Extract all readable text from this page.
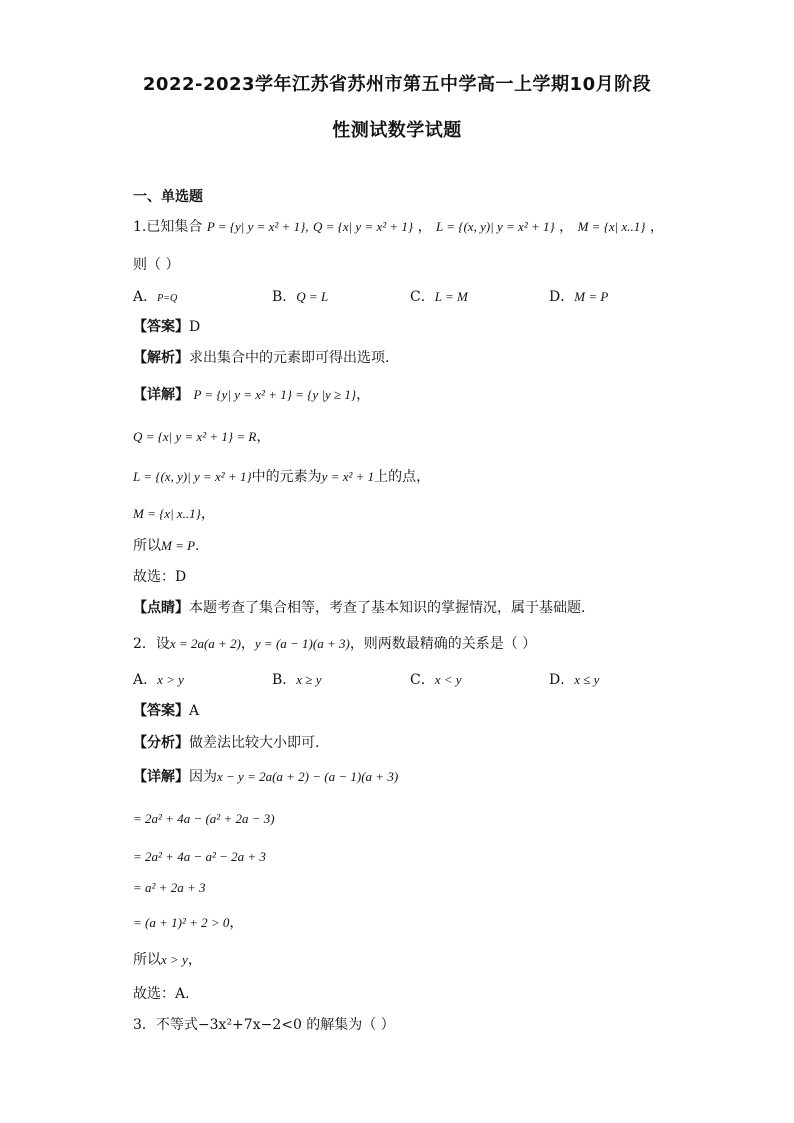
2022-2023学年江苏省苏州市第五中学高一上学期10月阶段
性测试数学试题
一、单选题
1.已知集合 P = {y| y = x² + 1}, Q = {x| y = x² + 1} ， L = {(x, y)| y = x² + 1} ， M = {x| x..1} ，
则（ ）
A．P=Q	B．Q = L	C．L = M	D．M = P
【答案】D
【解析】求出集合中的元素即可得出选项.
【详解】 P = {y| y = x² + 1} = {y |y ≥ 1}，
Q = {x| y = x² + 1} = R，
L = {(x, y)| y = x² + 1}中的元素为y = x² + 1上的点，
M = {x| x..1}，
所以M = P.
故选：D
【点睛】本题考查了集合相等，考查了基本知识的掌握情况，属于基础题.
2．设x = 2a(a + 2)，y = (a − 1)(a + 3)，则两数最精确的关系是（ ）
A．x > y	B．x ≥ y	C．x < y	D．x ≤ y
【答案】A
【分析】做差法比较大小即可.
【详解】因为x − y = 2a(a + 2) − (a − 1)(a + 3)
= 2a² + 4a − (a² + 2a − 3)
= 2a² + 4a − a² − 2a + 3
= a² + 2a + 3
= (a + 1)² + 2 > 0，
所以x > y，
故选：A.
3．不等式−3x²+7x−2<0 的解集为（ ）
